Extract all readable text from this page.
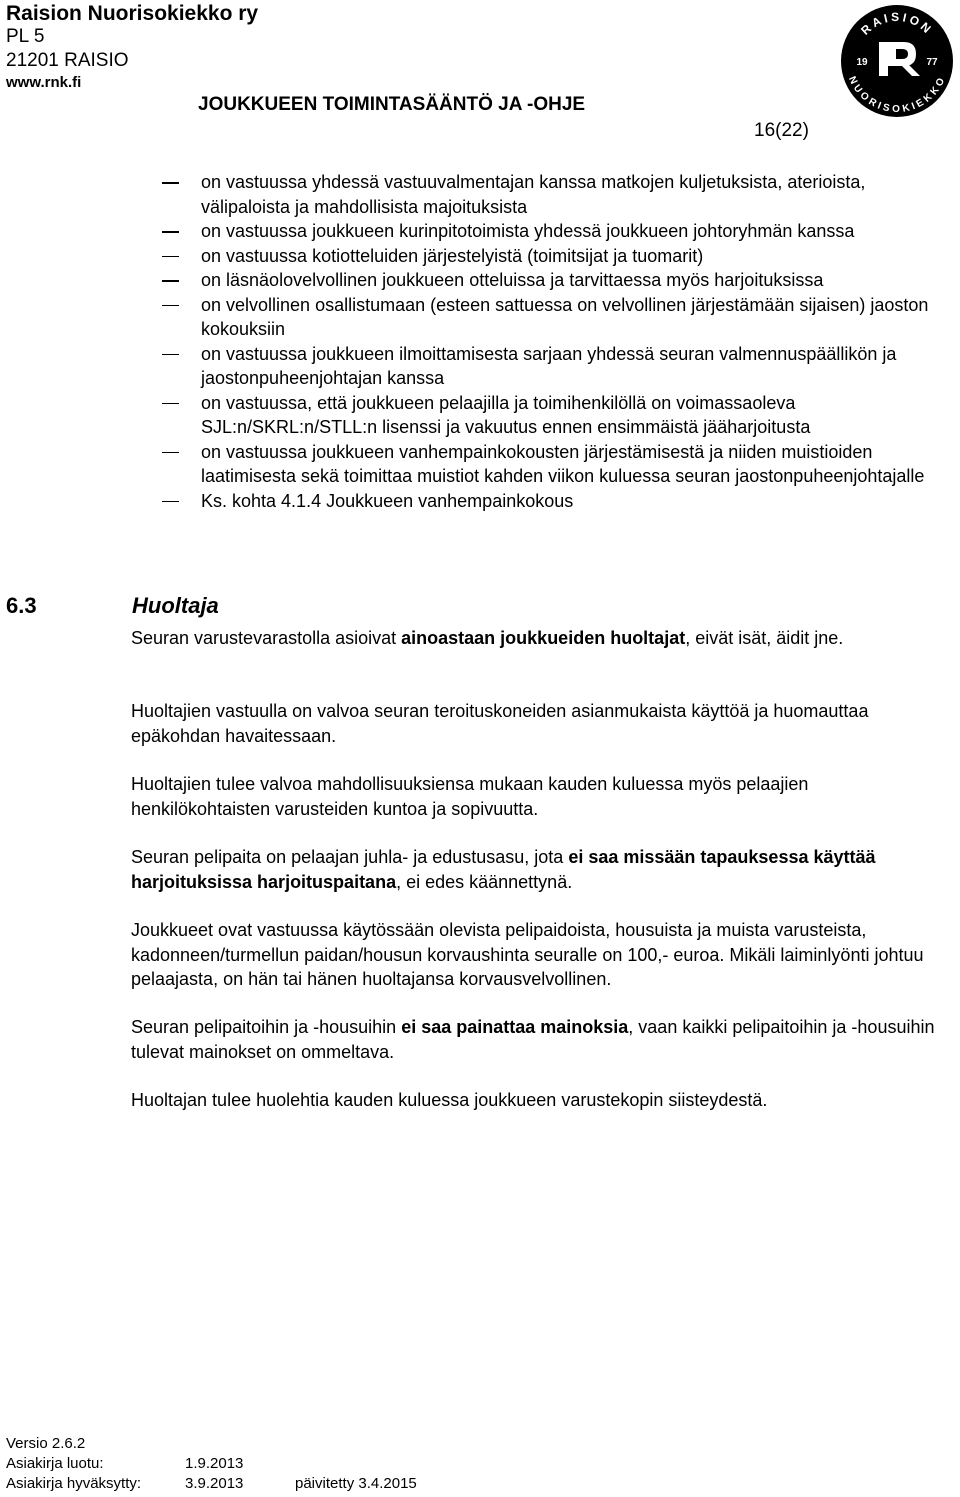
Raision Nuorisokiekko ry
PL 5
21201 RAISIO
www.rnk.fi
JOUKKUEEN TOIMINTASÄÄNTÖ JA -OHJE
16(22)
RAISION
NUORISOKIEKKO
19	77
on vastuussa yhdessä vastuuvalmentajan kanssa matkojen kuljetuksista, aterioista, välipaloista ja mahdollisista majoituksista
on vastuussa joukkueen kurinpitotoimista yhdessä joukkueen johtoryhmän kanssa
on vastuussa kotiotteluiden järjestelyistä (toimitsijat ja tuomarit)
on läsnäolovelvollinen joukkueen otteluissa ja tarvittaessa myös harjoituksissa
on velvollinen osallistumaan (esteen sattuessa on velvollinen järjestämään sijaisen) jaoston kokouksiin
on vastuussa joukkueen ilmoittamisesta sarjaan yhdessä seuran valmennuspäällikön ja jaostonpuheenjohtajan kanssa
on vastuussa, että joukkueen pelaajilla ja toimihenkilöllä on voimassaoleva SJL:n/SKRL:n/STLL:n lisenssi ja vakuutus ennen ensimmäistä jääharjoitusta
on vastuussa joukkueen vanhempainkokousten järjestämisestä ja niiden muistioiden laatimisesta sekä toimittaa muistiot kahden viikon kuluessa seuran jaostonpuheenjohtajalle
Ks. kohta 4.1.4 Joukkueen vanhempainkokous
6.3	Huoltaja

Seuran varustevarastolla asioivat ainoastaan joukkueiden huoltajat, eivät isät, äidit jne.

Huoltajien vastuulla on valvoa seuran teroituskoneiden asianmukaista käyttöä ja huomauttaa epäkohdan havaitessaan.

Huoltajien tulee valvoa mahdollisuuksiensa mukaan kauden kuluessa myös pelaajien henkilökohtaisten varusteiden kuntoa ja sopivuutta.

Seuran pelipaita on pelaajan juhla- ja edustusasu, jota ei saa missään tapauksessa käyttää harjoituksissa harjoituspaitana, ei edes käännettynä.

Joukkueet ovat vastuussa käytössään olevista pelipaidoista, housuista ja muista varusteista, kadonneen/turmellun paidan/housun korvaushinta seuralle on 100,- euroa. Mikäli laiminlyönti johtuu pelaajasta, on hän tai hänen huoltajansa korvausvelvollinen.

Seuran pelipaitoihin ja -housuihin ei saa painattaa mainoksia, vaan kaikki pelipaitoihin ja -housuihin tulevat mainokset on ommeltava.

Huoltajan tulee huolehtia kauden kuluessa joukkueen varustekopin siisteydestä.

Versio 2.6.2
Asiakirja luotu:	1.9.2013
Asiakirja hyväksytty:	3.9.2013	päivitetty 3.4.2015
